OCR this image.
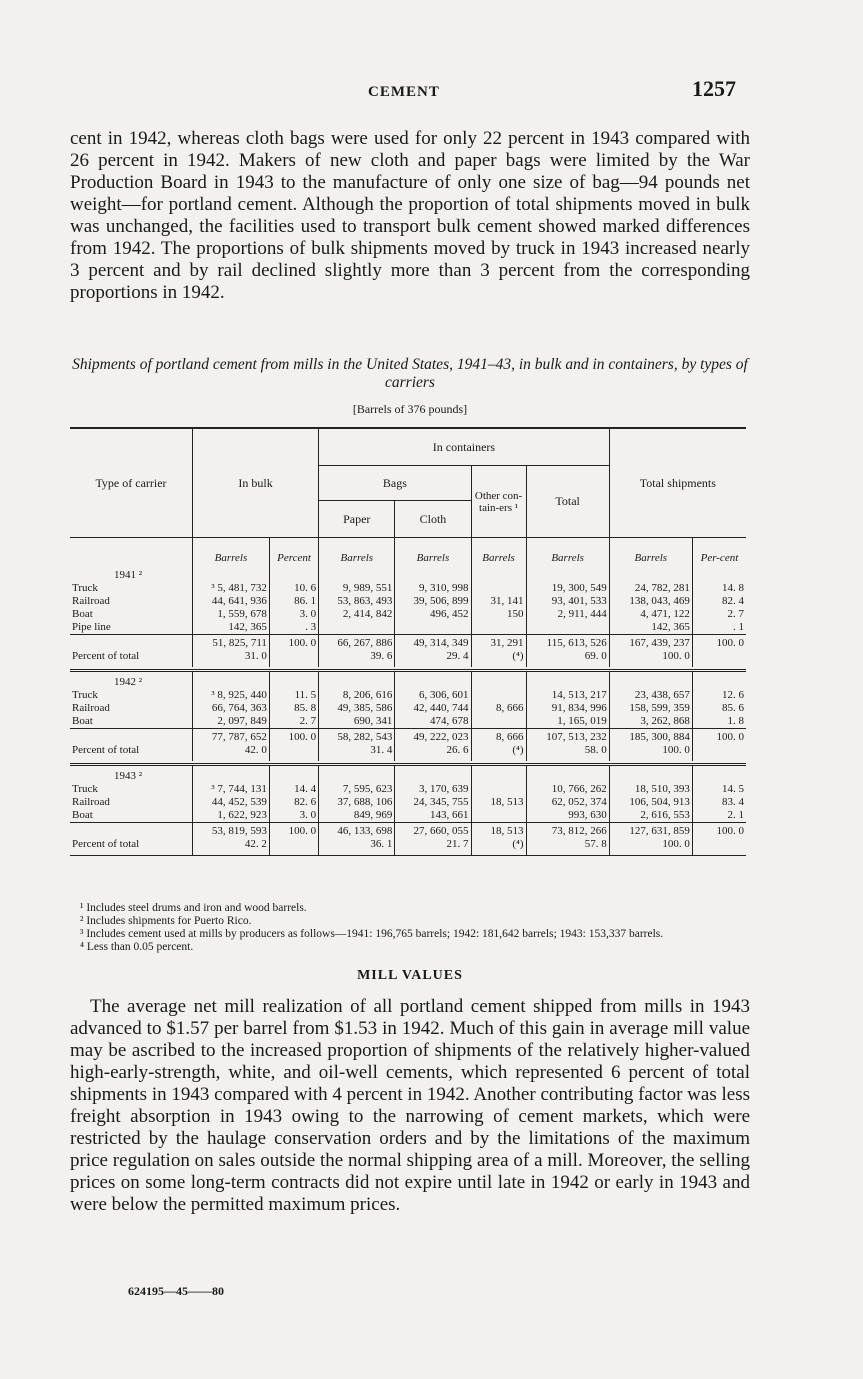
CEMENT	1257

cent in 1942, whereas cloth bags were used for only 22 percent in 1943 compared with 26 percent in 1942. Makers of new cloth and paper bags were limited by the War Production Board in 1943 to the manufacture of only one size of bag—94 pounds net weight—for portland cement. Although the proportion of total shipments moved in bulk was unchanged, the facilities used to transport bulk cement showed marked differences from 1942. The proportions of bulk shipments moved by truck in 1943 increased nearly 3 percent and by rail declined slightly more than 3 percent from the corresponding proportions in 1942.

Shipments of portland cement from mills in the United States, 1941–43, in bulk and in containers, by types of carriers
[Barrels of 376 pounds]
Type of carrier	In bulk		In containers				Total shipments	
			Bags		Other con-tain-ers ¹	Total		
			Paper	Cloth				
	Barrels	Percent	Barrels	Barrels	Barrels	Barrels	Barrels	Per-cent
1941 ²								
Truck	³ 5, 481, 732	10. 6	9, 989, 551	9, 310, 998		19, 300, 549	24, 782, 281	14. 8
Railroad	44, 641, 936	86. 1	53, 863, 493	39, 506, 899	31, 141	93, 401, 533	138, 043, 469	82. 4
Boat	1, 559, 678	3. 0	2, 414, 842	496, 452	150	2, 911, 444	4, 471, 122	2. 7
Pipe line	142, 365	. 3					142, 365	. 1
	51, 825, 711	100. 0	66, 267, 886	49, 314, 349	31, 291	115, 613, 526	167, 439, 237	100. 0
Percent of total	31. 0		39. 6	29. 4	(⁴)	69. 0	100. 0	

1942 ²								
Truck	³ 8, 925, 440	11. 5	8, 206, 616	6, 306, 601		14, 513, 217	23, 438, 657	12. 6
Railroad	66, 764, 363	85. 8	49, 385, 586	42, 440, 744	8, 666	91, 834, 996	158, 599, 359	85. 6
Boat	2, 097, 849	2. 7	690, 341	474, 678		1, 165, 019	3, 262, 868	1. 8
	77, 787, 652	100. 0	58, 282, 543	49, 222, 023	8, 666	107, 513, 232	185, 300, 884	100. 0
Percent of total	42. 0		31. 4	26. 6	(⁴)	58. 0	100. 0	

1943 ²								
Truck	³ 7, 744, 131	14. 4	7, 595, 623	3, 170, 639		10, 766, 262	18, 510, 393	14. 5
Railroad	44, 452, 539	82. 6	37, 688, 106	24, 345, 755	18, 513	62, 052, 374	106, 504, 913	83. 4
Boat	1, 622, 923	3. 0	849, 969	143, 661		993, 630	2, 616, 553	2. 1
	53, 819, 593	100. 0	46, 133, 698	27, 660, 055	18, 513	73, 812, 266	127, 631, 859	100. 0
Percent of total	42. 2		36. 1	21. 7	(⁴)	57. 8	100. 0	

¹ Includes steel drums and iron and wood barrels.

² Includes shipments for Puerto Rico.

³ Includes cement used at mills by producers as follows—1941: 196,765 barrels; 1942: 181,642 barrels; 1943: 153,337 barrels.

⁴ Less than 0.05 percent.

MILL VALUES

The average net mill realization of all portland cement shipped from mills in 1943 advanced to $1.57 per barrel from $1.53 in 1942. Much of this gain in average mill value may be ascribed to the increased proportion of shipments of the relatively higher-valued high-early-strength, white, and oil-well cements, which represented 6 percent of total shipments in 1943 compared with 4 percent in 1942. Another contributing factor was less freight absorption in 1943 owing to the narrowing of cement markets, which were restricted by the haulage conservation orders and by the limitations of the maximum price regulation on sales outside the normal shipping area of a mill. Moreover, the selling prices on some long-term contracts did not expire until late in 1942 or early in 1943 and were below the permitted maximum prices.

624195—45——80
